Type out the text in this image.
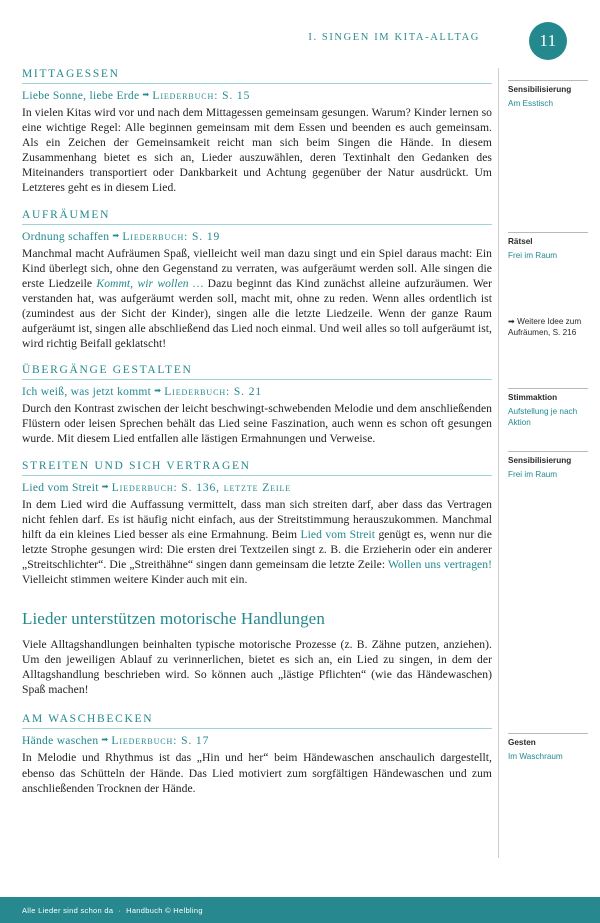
I. SINGEN IM KITA-ALLTAG	11
MITTAGESSEN
Liebe Sonne, liebe Erde ➡ Liederbuch: S. 15

In vielen Kitas wird vor und nach dem Mittagessen gemeinsam gesungen. Warum? Kinder lernen so eine wichtige Regel: Alle beginnen gemeinsam mit dem Essen und beenden es auch gemeinsam. Als ein Zeichen der Gemeinsamkeit reicht man sich beim Singen die Hände. In diesem Zusammenhang bietet es sich an, Lieder auszuwählen, deren Textinhalt den Gedanken des Miteinanders transportiert oder Dankbarkeit und Achtung gegenüber der Natur ausdrückt. Um Letzteres geht es in diesem Lied.

AUFRÄUMEN
Ordnung schaffen ➡ Liederbuch: S. 19

Manchmal macht Aufräumen Spaß, vielleicht weil man dazu singt und ein Spiel daraus macht: Ein Kind überlegt sich, ohne den Gegenstand zu verraten, was aufgeräumt werden soll. Alle singen die erste Liedzeile Kommt, wir wollen … Dazu beginnt das Kind zunächst alleine aufzuräumen. Wer verstanden hat, was aufgeräumt werden soll, macht mit, ohne zu reden. Wenn alles ordentlich ist (zumindest aus der Sicht der Kinder), singen alle die letzte Liedzeile. Wenn der ganze Raum aufgeräumt ist, singen alle abschließend das Lied noch einmal. Und weil alles so toll aufgeräumt ist, wird richtig Beifall geklatscht!

ÜBERGÄNGE GESTALTEN
Ich weiß, was jetzt kommt ➡ Liederbuch: S. 21

Durch den Kontrast zwischen der leicht beschwingt-schwebenden Melodie und dem anschließenden Flüstern oder leisen Sprechen behält das Lied seine Faszination, auch wenn es schon oft gesungen wurde. Mit diesem Lied entfallen alle lästigen Ermahnungen und Verweise.

STREITEN UND SICH VERTRAGEN
Lied vom Streit ➡ Liederbuch: S. 136, letzte Zeile

In dem Lied wird die Auffassung vermittelt, dass man sich streiten darf, aber dass das Vertragen nicht fehlen darf. Es ist häufig nicht einfach, aus der Streitstimmung herauszukommen. Manchmal hilft da ein kleines Lied besser als eine Ermahnung. Beim Lied vom Streit genügt es, wenn nur die letzte Strophe gesungen wird: Die ersten drei Textzeilen singt z. B. die Erzieherin oder ein anderer „Streitschlichter“. Die „Streithähne“ singen dann gemeinsam die letzte Zeile: Wollen uns vertragen! Vielleicht stimmen weitere Kinder auch mit ein.

Lieder unterstützen motorische Handlungen

Viele Alltagshandlungen beinhalten typische motorische Prozesse (z. B. Zähne putzen, anziehen). Um den jeweiligen Ablauf zu verinnerlichen, bietet es sich an, ein Lied zu singen, in dem der Alltagshandlung beschrieben wird. So können auch „lästige Pflichten“ (wie das Händewaschen) Spaß machen!

AM WASCHBECKEN
Hände waschen ➡ Liederbuch: S. 17

In Melodie und Rhythmus ist das „Hin und her“ beim Händewaschen anschaulich dargestellt, ebenso das Schütteln der Hände. Das Lied motiviert zum sorgfältigen Händewaschen und zum anschließenden Trocknen der Hände.

Sensibilisierung
Am Esstisch
Rätsel
Frei im Raum
➡ Weitere Idee zum Aufräumen, S. 216
Stimmaktion
Aufstellung je nach Aktion
Sensibilisierung
Frei im Raum
Gesten
Im Waschraum
Alle Lieder sind schon da · Handbuch © Helbling
